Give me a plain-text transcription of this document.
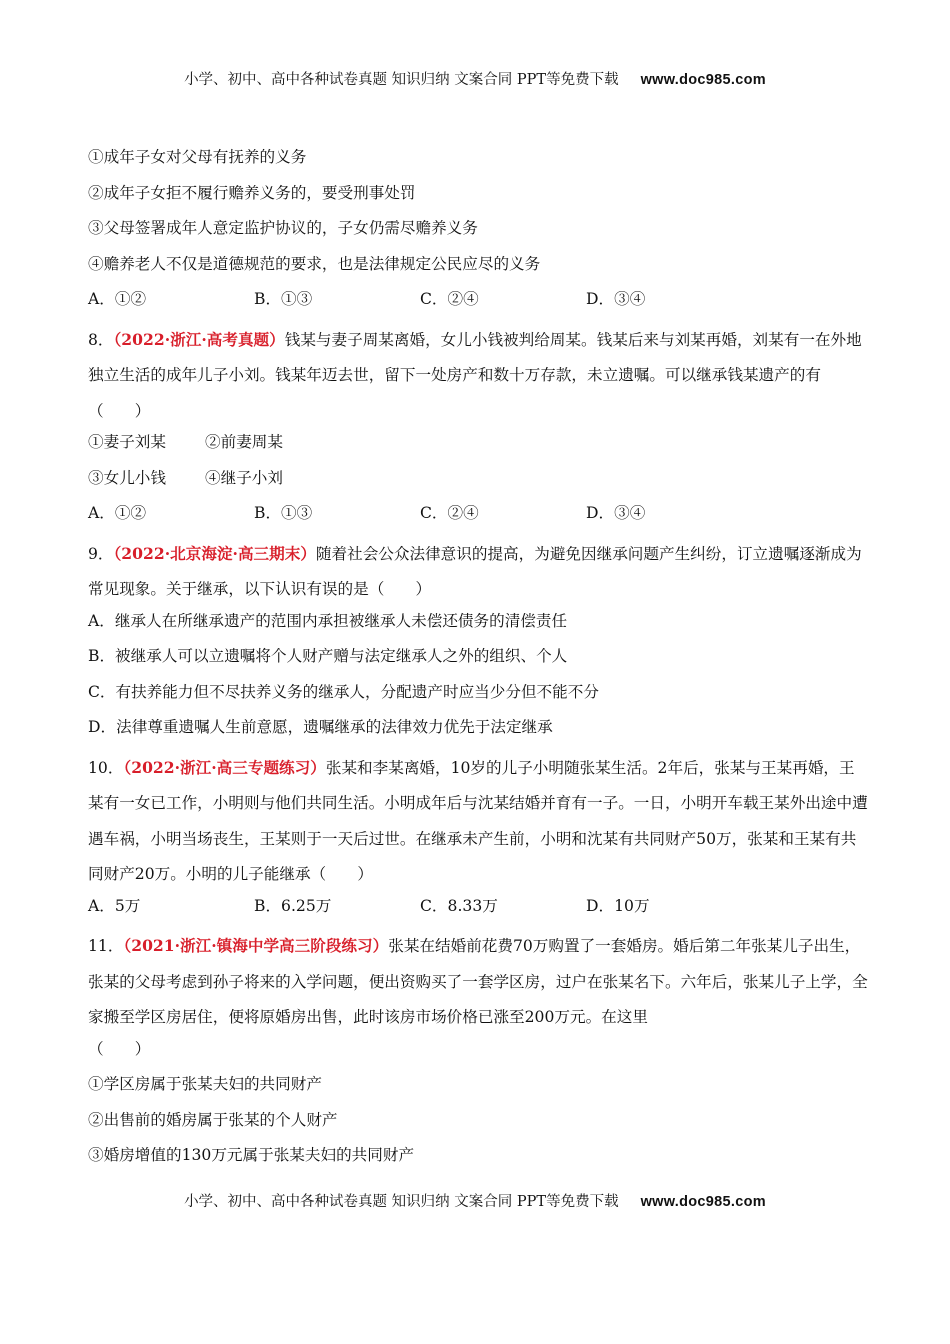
小学、初中、高中各种试卷真题 知识归纳 文案合同 PPT等免费下载 www.doc985.com
①成年子女对父母有抚养的义务
②成年子女拒不履行赡养义务的，要受刑事处罚
③父母签署成年人意定监护协议的，子女仍需尽赡养义务
④赡养老人不仅是道德规范的要求，也是法律规定公民应尽的义务
A．①②	B．①③	C．②④	D．③④
8．（2022·浙江·高考真题）钱某与妻子周某离婚，女儿小钱被判给周某。钱某后来与刘某再婚，刘某有一在外地独立生活的成年儿子小刘。钱某年迈去世，留下一处房产和数十万存款，未立遗嘱。可以继承钱某遗产的有（　　）
①妻子刘某	②前妻周某
③女儿小钱	④继子小刘
A．①②	B．①③	C．②④	D．③④
9．（2022·北京海淀·高三期末）随着社会公众法律意识的提高，为避免因继承问题产生纠纷，订立遗嘱逐渐成为常见现象。关于继承，以下认识有误的是（　　）
A．继承人在所继承遗产的范围内承担被继承人未偿还债务的清偿责任
B．被继承人可以立遗嘱将个人财产赠与法定继承人之外的组织、个人
C．有扶养能力但不尽扶养义务的继承人，分配遗产时应当少分但不能不分
D．法律尊重遗嘱人生前意愿，遗嘱继承的法律效力优先于法定继承
10．（2022·浙江·高三专题练习）张某和李某离婚，10岁的儿子小明随张某生活。2年后，张某与王某再婚，王某有一女已工作，小明则与他们共同生活。小明成年后与沈某结婚并育有一子。一日，小明开车载王某外出途中遭遇车祸，小明当场丧生，王某则于一天后过世。在继承未产生前，小明和沈某有共同财产50万，张某和王某有共同财产20万。小明的儿子能继承（　　）
A．5万	B．6.25万	C．8.33万	D．10万
11．（2021·浙江·镇海中学高三阶段练习）张某在结婚前花费70万购置了一套婚房。婚后第二年张某儿子出生，张某的父母考虑到孙子将来的入学问题，便出资购买了一套学区房，过户在张某名下。六年后，张某儿子上学，全家搬至学区房居住，便将原婚房出售，此时该房市场价格已涨至200万元。在这里
（　　）
①学区房属于张某夫妇的共同财产
②出售前的婚房属于张某的个人财产
③婚房增值的130万元属于张某夫妇的共同财产
小学、初中、高中各种试卷真题 知识归纳 文案合同 PPT等免费下载 www.doc985.com
